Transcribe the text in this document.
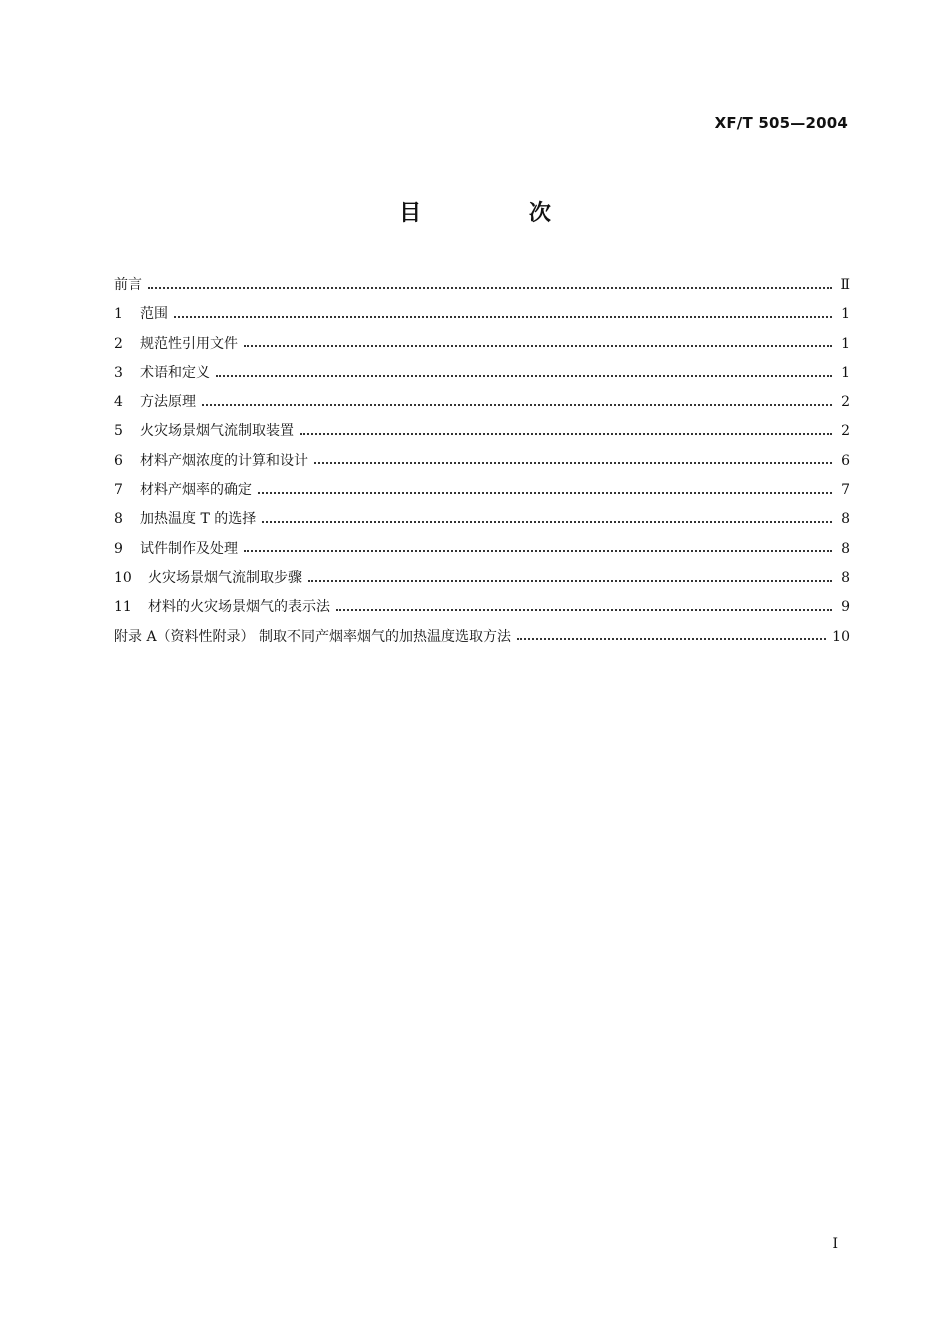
XF/T 505—2004
目 次
前言	Ⅱ
1	范围	1
2	规范性引用文件	1
3	术语和定义	1
4	方法原理	2
5	火灾场景烟气流制取装置	2
6	材料产烟浓度的计算和设计	6
7	材料产烟率的确定	7
8	加热温度 T 的选择	8
9	试件制作及处理	8
10	火灾场景烟气流制取步骤	8
11	材料的火灾场景烟气的表示法	9
附录 A（资料性附录） 制取不同产烟率烟气的加热温度选取方法	10
I
